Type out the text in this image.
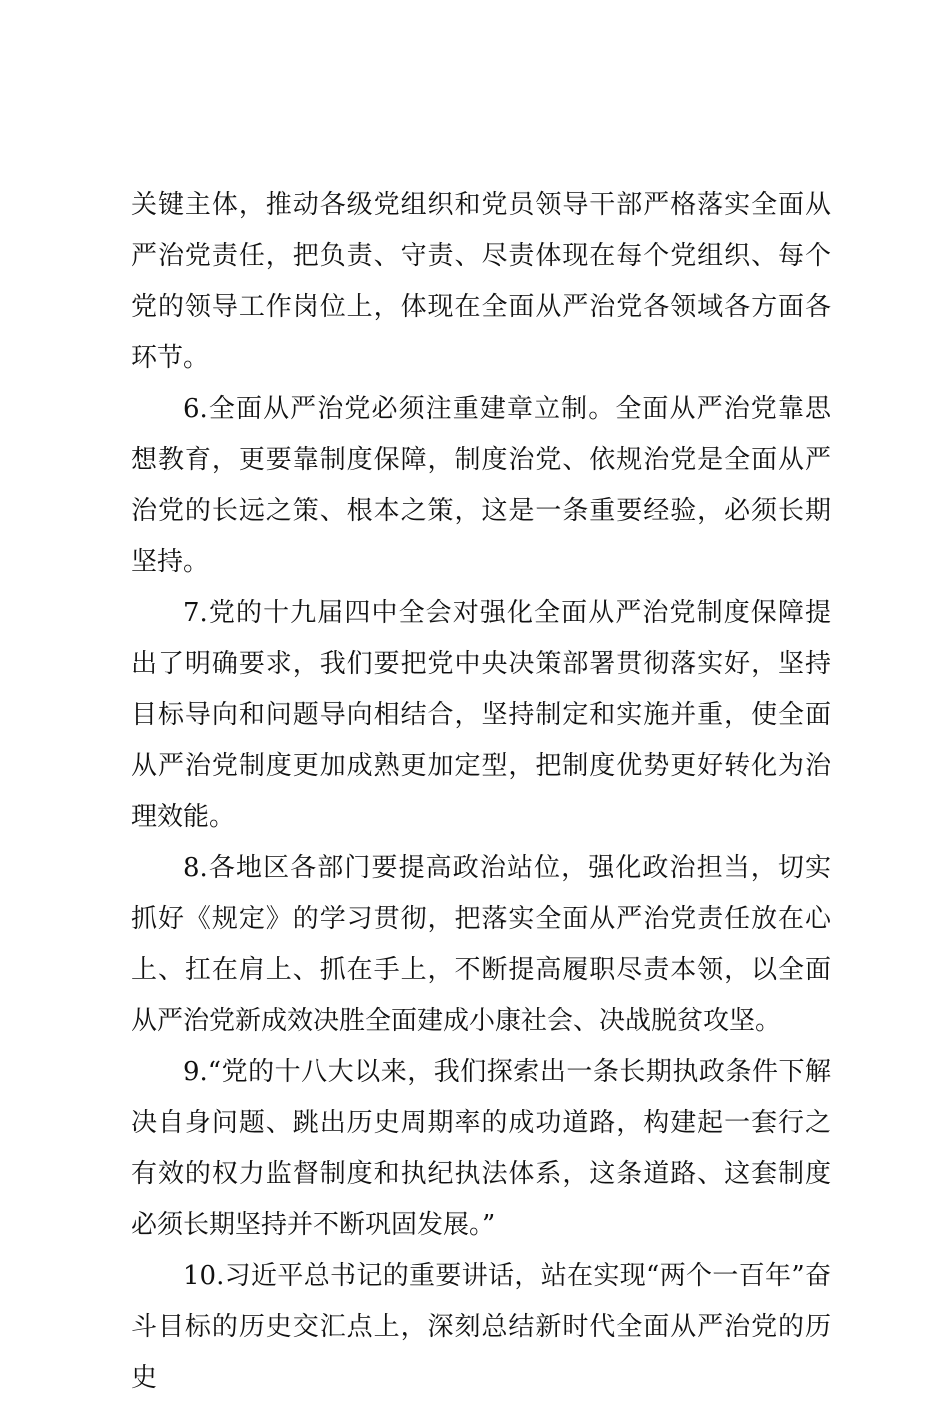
关键主体，推动各级党组织和党员领导干部严格落实全面从严治党责任，把负责、守责、尽责体现在每个党组织、每个党的领导工作岗位上，体现在全面从严治党各领域各方面各环节。

6.全面从严治党必须注重建章立制。全面从严治党靠思想教育，更要靠制度保障，制度治党、依规治党是全面从严治党的长远之策、根本之策，这是一条重要经验，必须长期坚持。

7.党的十九届四中全会对强化全面从严治党制度保障提出了明确要求，我们要把党中央决策部署贯彻落实好，坚持目标导向和问题导向相结合，坚持制定和实施并重，使全面从严治党制度更加成熟更加定型，把制度优势更好转化为治理效能。

8.各地区各部门要提高政治站位，强化政治担当，切实抓好《规定》的学习贯彻，把落实全面从严治党责任放在心上、扛在肩上、抓在手上，不断提高履职尽责本领，以全面从严治党新成效决胜全面建成小康社会、决战脱贫攻坚。

9.“党的十八大以来，我们探索出一条长期执政条件下解决自身问题、跳出历史周期率的成功道路，构建起一套行之有效的权力监督制度和执纪执法体系，这条道路、这套制度必须长期坚持并不断巩固发展。”

10.习近平总书记的重要讲话，站在实现“两个一百年”奋斗目标的历史交汇点上，深刻总结新时代全面从严治党的历史
